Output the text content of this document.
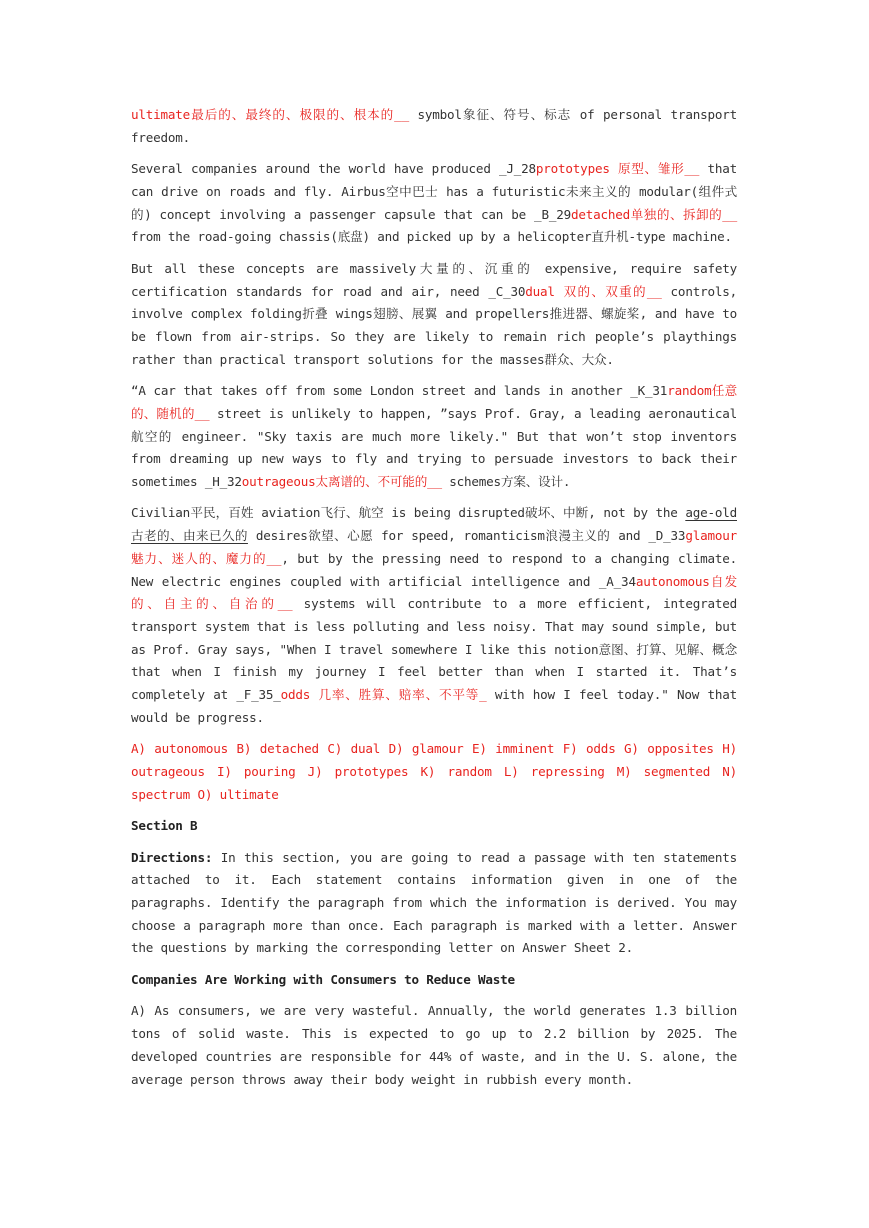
ultimate最后的、最终的、极限的、根本的__ symbol象征、符号、标志 of personal transport freedom.

Several companies around the world have produced _J_28prototypes 原型、雏形__ that can drive on roads and fly. Airbus空中巴士 has a futuristic未来主义的 modular(组件式的) concept involving a passenger capsule that can be _B_29detached单独的、拆卸的__ from the road-going chassis(底盘) and picked up by a helicopter直升机-type machine.

But all these concepts are massively大量的、沉重的 expensive, require safety certification standards for road and air, need _C_30dual 双的、双重的__ controls, involve complex folding折叠 wings翅膀、展翼 and propellers推进器、螺旋桨, and have to be flown from air-strips. So they are likely to remain rich people’s playthings rather than practical transport solutions for the masses群众、大众.

“A car that takes off from some London street and lands in another _K_31random任意的、随机的__ street is unlikely to happen, ”says Prof. Gray, a leading aeronautical航空的 engineer. "Sky taxis are much more likely." But that won’t stop inventors from dreaming up new ways to fly and trying to persuade investors to back their sometimes _H_32outrageous太离谱的、不可能的__ schemes方案、设计.

Civilian平民，百姓 aviation飞行、航空 is being disrupted破坏、中断, not by the age-old古老的、由来已久的 desires欲望、心愿 for speed, romanticism浪漫主义的 and _D_33glamour 魅力、迷人的、魔力的__, but by the pressing need to respond to a changing climate. New electric engines coupled with artificial intelligence and _A_34autonomous自发的、自主的、自治的__ systems will contribute to a more efficient, integrated transport system that is less polluting and less noisy. That may sound simple, but as Prof. Gray says, "When I travel somewhere I like this notion意图、打算、见解、概念 that when I finish my journey I feel better than when I started it. That’s completely at _F_35_odds 几率、胜算、赔率、不平等_ with how I feel today." Now that would be progress.

A) autonomous B) detached C) dual D) glamour E) imminent F) odds G) opposites H) outrageous I) pouring J) prototypes K) random L) repressing M) segmented N) spectrum O) ultimate

Section B

Directions: In this section, you are going to read a passage with ten statements attached to it. Each statement contains information given in one of the paragraphs. Identify the paragraph from which the information is derived. You may choose a paragraph more than once. Each paragraph is marked with a letter. Answer the questions by marking the corresponding letter on Answer Sheet 2.

Companies Are Working with Consumers to Reduce Waste

A) As consumers, we are very wasteful. Annually, the world generates 1.3 billion tons of solid waste. This is expected to go up to 2.2 billion by 2025. The developed countries are responsible for 44% of waste, and in the U. S. alone, the average person throws away their body weight in rubbish every month.
